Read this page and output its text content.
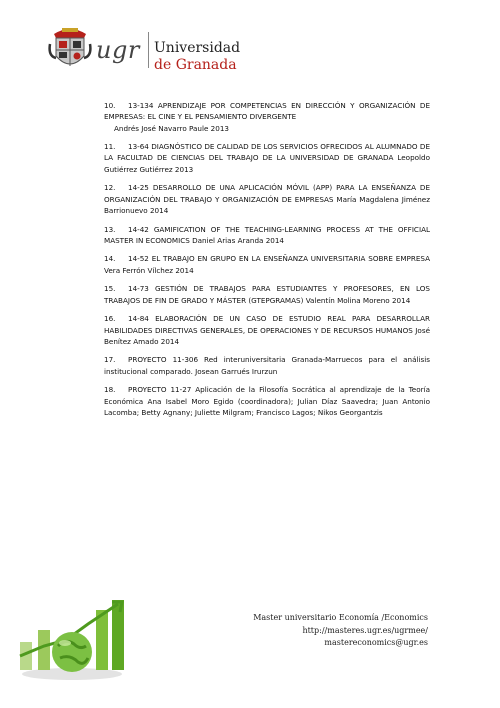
ugr Universidad
de Granada
10.	13-134 APRENDIZAJE POR COMPETENCIAS EN DIRECCIÓN Y ORGANIZACIÓN DE EMPRESAS: EL CINE Y EL PENSAMIENTO DIVERGENTE
Andrés José Navarro Paule 2013
11.	13-64 DIAGNÓSTICO DE CALIDAD DE LOS SERVICIOS OFRECIDOS AL ALUMNADO DE LA FACULTAD DE CIENCIAS DEL TRABAJO DE LA UNIVERSIDAD DE GRANADA Leopoldo Gutiérrez Gutiérrez 2013
12.	14-25 DESARROLLO DE UNA APLICACIÓN MÓVIL (APP) PARA LA ENSEÑANZA DE ORGANIZACIÓN DEL TRABAJO Y ORGANIZACIÓN DE EMPRESAS María Magdalena Jiménez Barrionuevo 2014
13.	14-42 GAMIFICATION OF THE TEACHING-LEARNING PROCESS AT THE OFFICIAL MASTER IN ECONOMICS Daniel Arias Aranda 2014
14.	14-52 EL TRABAJO EN GRUPO EN LA ENSEÑANZA UNIVERSITARIA SOBRE EMPRESA Vera Ferrón Vílchez 2014
15.	14-73 GESTIÓN DE TRABAJOS PARA ESTUDIANTES Y PROFESORES, EN LOS TRABAJOS DE FIN DE GRADO Y MÁSTER (GTEPGRAMAS) Valentín Molina Moreno 2014
16.	14-84 ELABORACIÓN DE UN CASO DE ESTUDIO REAL PARA DESARROLLAR HABILIDADES DIRECTIVAS GENERALES, DE OPERACIONES Y DE RECURSOS HUMANOS José Benítez Amado 2014
17.	PROYECTO 11-306 Red interuniversitaria Granada-Marruecos para el análisis institucional comparado. Josean Garrués Irurzun
18.	PROYECTO 11-27 Aplicación de la Filosofía Socrática al aprendizaje de la Teoría Económica Ana Isabel Moro Egido (coordinadora); Julian Díaz Saavedra; Juan Antonio Lacomba; Betty Agnany; Juliette Milgram; Francisco Lagos; Nikos Georgantzis
Master universitario Economía /Economics
http://masteres.ugr.es/ugrmee/
mastereconomics@ugr.es
